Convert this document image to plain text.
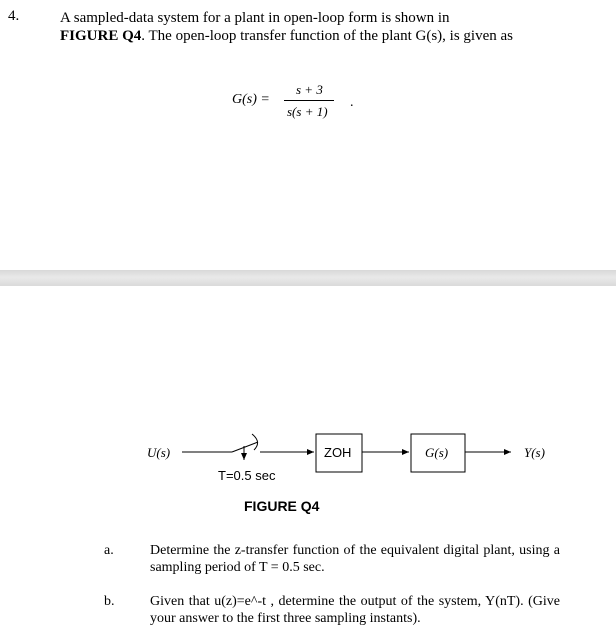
4.	A sampled-data system for a plant in open-loop form is shown in
FIGURE Q4. The open-loop transfer function of the plant G(s), is given as
G(s) =
s + 3
s(s + 1)
.
U(s)	ZOH	G(s)	Y(s)
T=0.5 sec
FIGURE Q4
a.	Determine the z-transfer function of the equivalent digital plant, using a sampling period of T = 0.5 sec.
b.	Given that u(z)=e^-t , determine the output of the system, Y(nT). (Give your answer to the first three sampling instants).
